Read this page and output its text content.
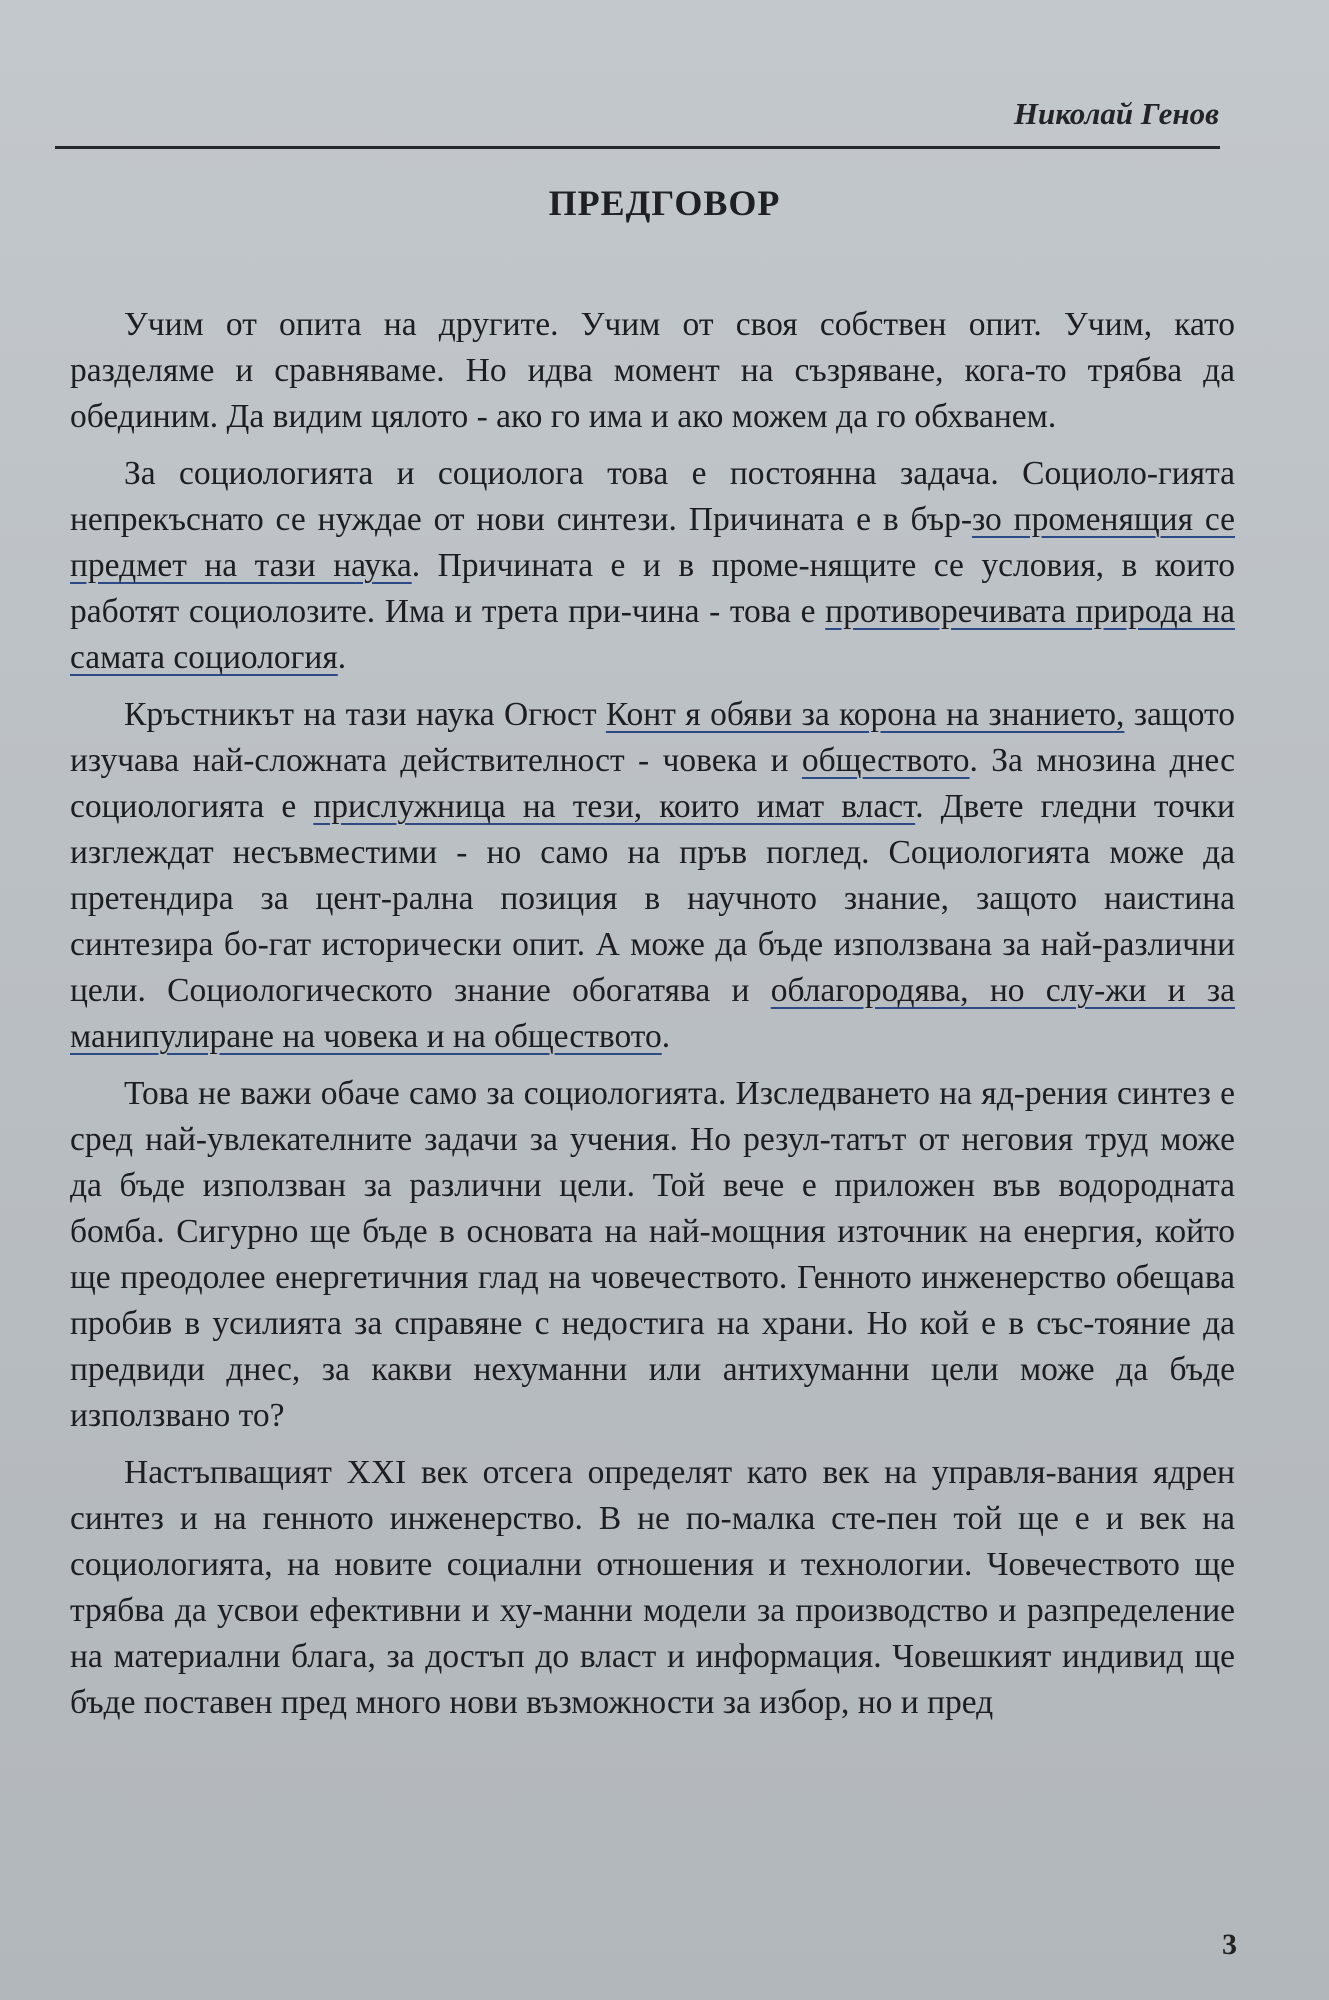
Николай Генов
ПРЕДГОВОР

Учим от опита на другите. Учим от своя собствен опит. Учим, като разделяме и сравняваме. Но идва момент на съзряване, кога-то трябва да обединим. Да видим цялото - ако го има и ако можем да го обхванем.

За социологията и социолога това е постоянна задача. Социоло-гията непрекъснато се нуждае от нови синтези. Причината е в бър-зо променящия се предмет на тази наука. Причината е и в проме-нящите се условия, в които работят социолозите. Има и трета при-чина - това е противоречивата природа на самата социология.

Кръстникът на тази наука Огюст Конт я обяви за корона на знанието, защото изучава най-сложната действителност - човека и обществото. За мнозина днес социологията е прислужница на тези, които имат власт. Двете гледни точки изглеждат несъвместими - но само на пръв поглед. Социологията може да претендира за цент-рална позиция в научното знание, защото наистина синтезира бо-гат исторически опит. А може да бъде използвана за най-различни цели. Социологическото знание обогатява и облагородява, но слу-жи и за манипулиране на човека и на обществото.

Това не важи обаче само за социологията. Изследването на яд-рения синтез е сред най-увлекателните задачи за учения. Но резул-татът от неговия труд може да бъде използван за различни цели. Той вече е приложен във водородната бомба. Сигурно ще бъде в основата на най-мощния източник на енергия, който ще преодолее енергетичния глад на човечеството. Генното инженерство обещава пробив в усилията за справяне с недостига на храни. Но кой е в със-тояние да предвиди днес, за какви нехуманни или антихуманни цели може да бъде използвано то?

Настъпващият XXI век отсега определят като век на управля-вания ядрен синтез и на генното инженерство. В не по-малка сте-пен той ще е и век на социологията, на новите социални отношения и технологии. Човечеството ще трябва да усвои ефективни и ху-манни модели за производство и разпределение на материални блага, за достъп до власт и информация. Човешкият индивид ще бъде поставен пред много нови възможности за избор, но и пред

3
